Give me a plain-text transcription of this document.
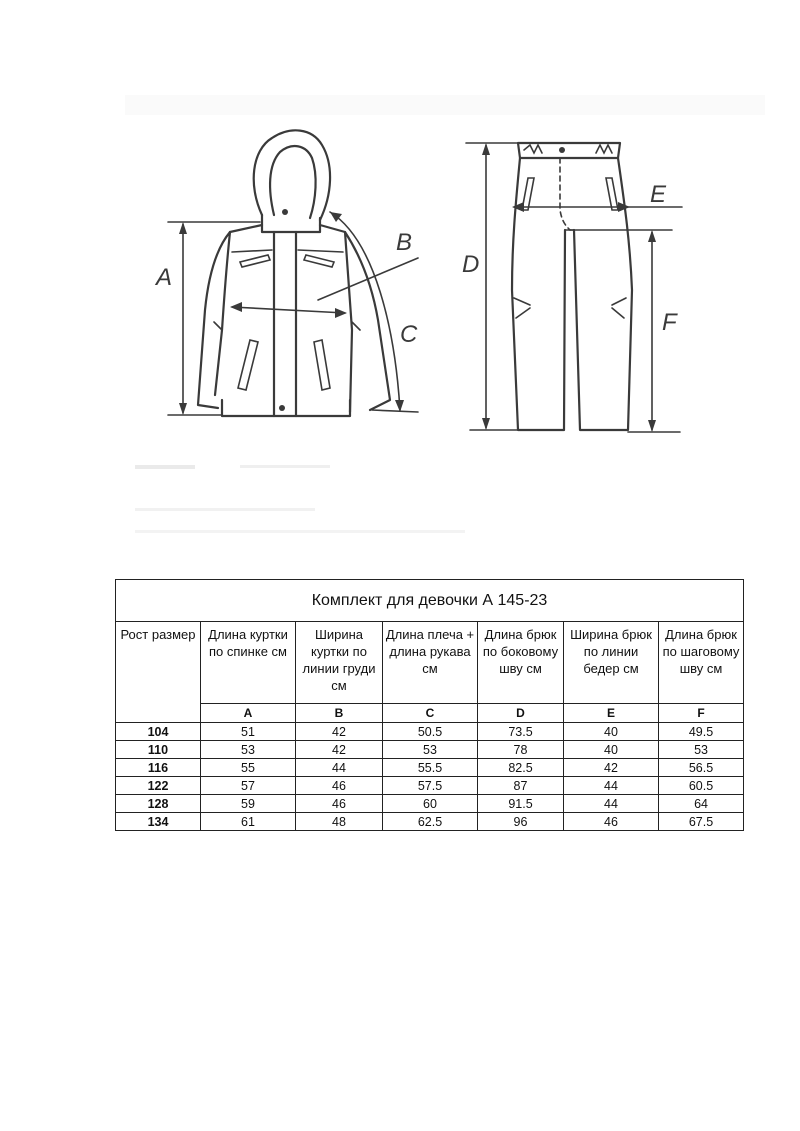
A
B
C
D
E
F
Комплект для девочки А 145-23						
Рост размер	Длина куртки по спинке см	Ширина куртки по линии груди см	Длина плеча + длина рукава см	Длина брюк по боковому шву см	Ширина брюк по линии бедер см	Длина брюк по шаговому шву см
	A	B	C	D	E	F
104	51	42	50.5	73.5	40	49.5
110	53	42	53	78	40	53
116	55	44	55.5	82.5	42	56.5
122	57	46	57.5	87	44	60.5
128	59	46	60	91.5	44	64
134	61	48	62.5	96	46	67.5
